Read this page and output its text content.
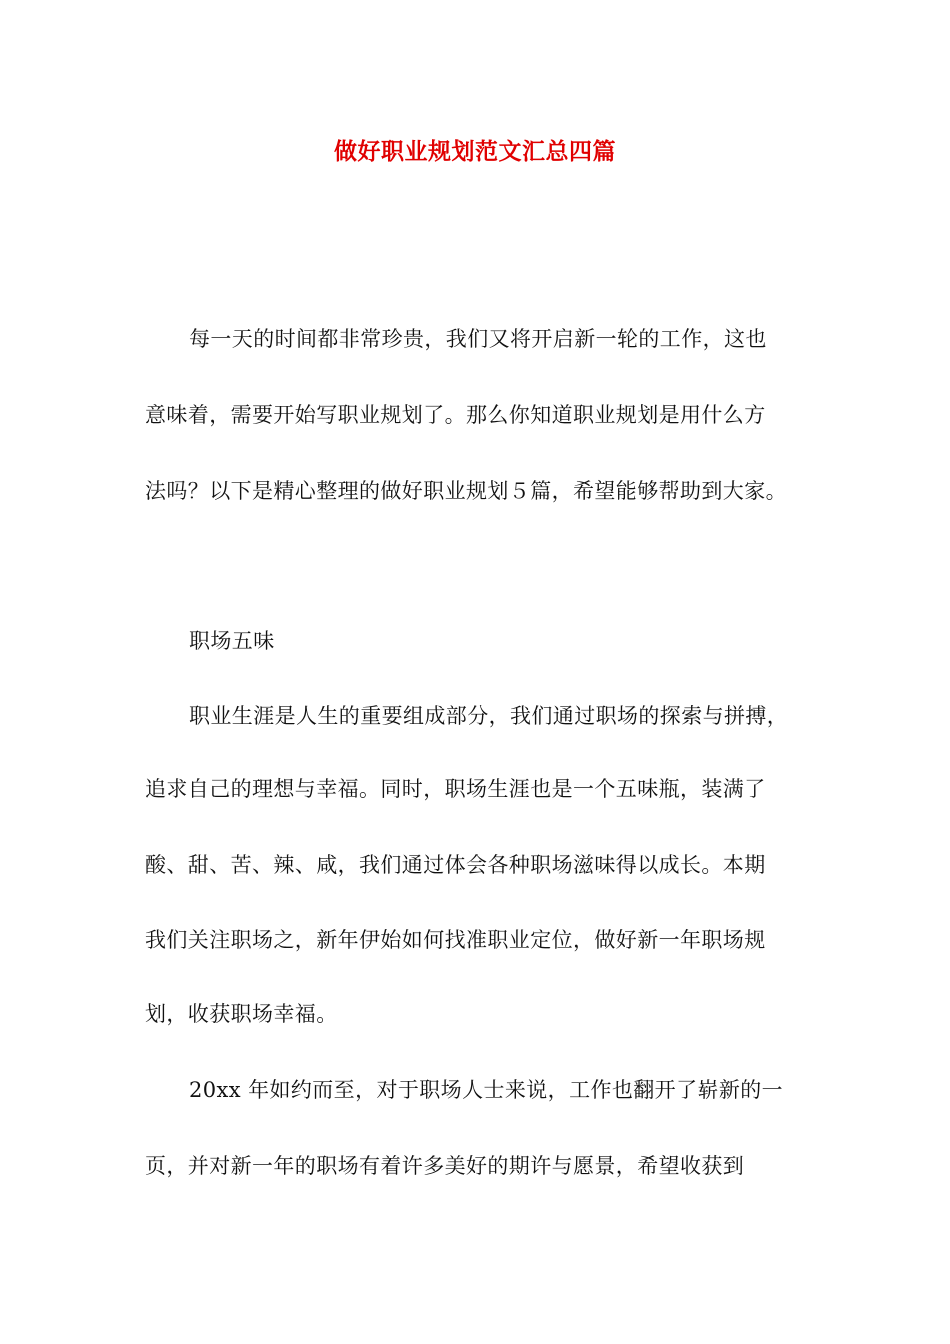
做好职业规划范文汇总四篇

每一天的时间都非常珍贵，我们又将开启新一轮的工作，这也

意味着，需要开始写职业规划了。那么你知道职业规划是用什么方

法吗？以下是精心整理的做好职业规划５篇，希望能够帮助到大家。

职场五味

职业生涯是人生的重要组成部分，我们通过职场的探索与拼搏，

追求自己的理想与幸福。同时，职场生涯也是一个五味瓶，装满了

酸、甜、苦、辣、咸，我们通过体会各种职场滋味得以成长。本期

我们关注职场之，新年伊始如何找准职业定位，做好新一年职场规

划，收获职场幸福。

20xx 年如约而至，对于职场人士来说，工作也翻开了崭新的一

页，并对新一年的职场有着许多美好的期许与愿景，希望收获到
